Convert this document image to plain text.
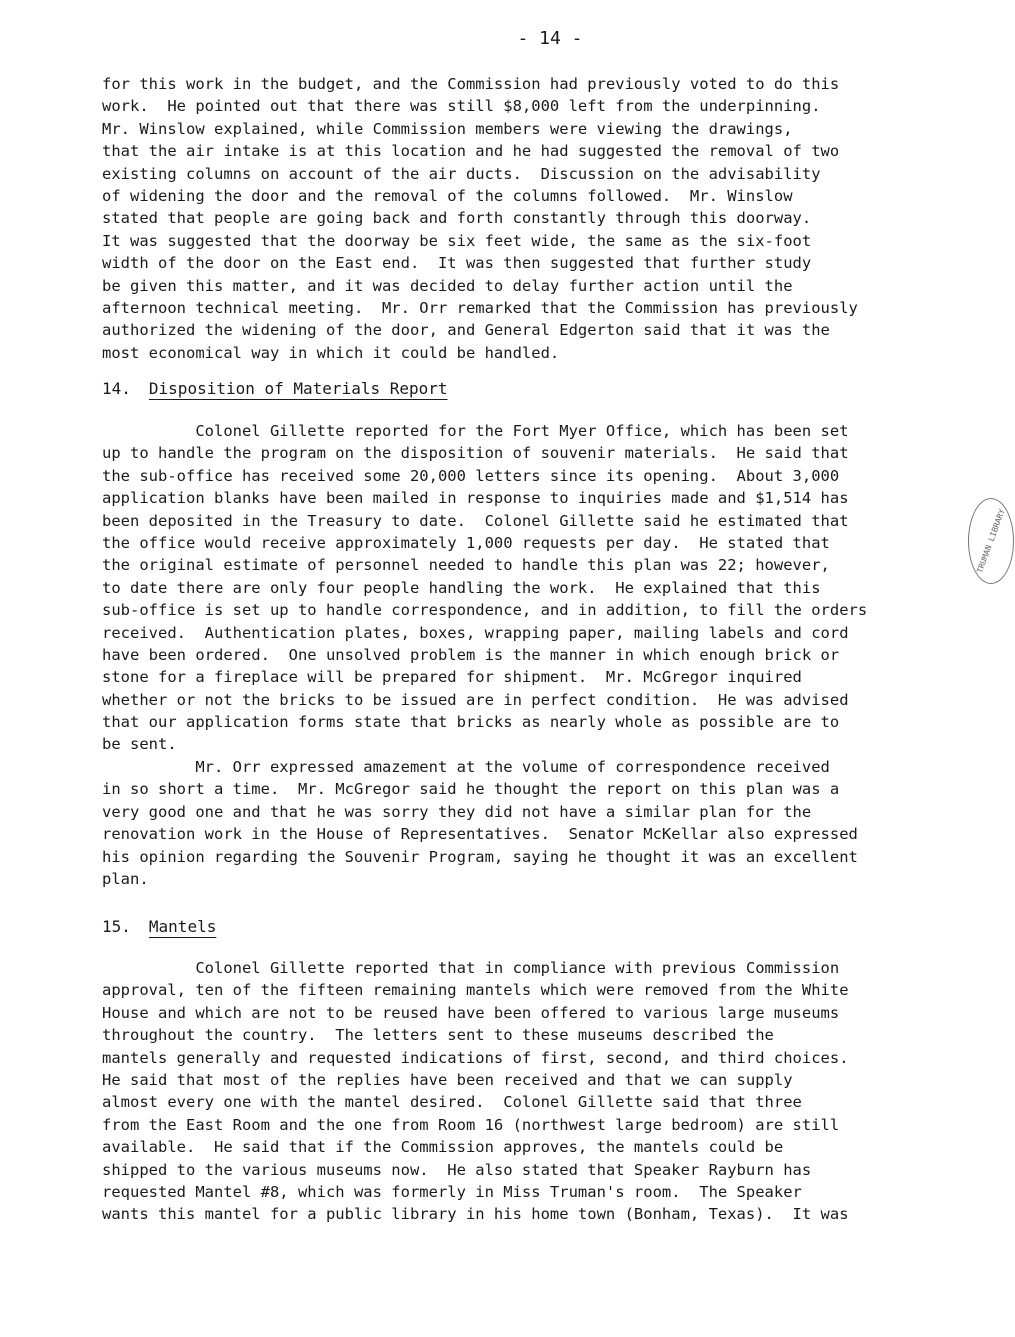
- 14 -
for this work in the budget, and the Commission had previously voted to do this
work.  He pointed out that there was still $8,000 left from the underpinning.
Mr. Winslow explained, while Commission members were viewing the drawings,
that the air intake is at this location and he had suggested the removal of two
existing columns on account of the air ducts.  Discussion on the advisability
of widening the door and the removal of the columns followed.  Mr. Winslow
stated that people are going back and forth constantly through this doorway.
It was suggested that the doorway be six feet wide, the same as the six-foot
width of the door on the East end.  It was then suggested that further study
be given this matter, and it was decided to delay further action until the
afternoon technical meeting.  Mr. Orr remarked that the Commission has previously
authorized the widening of the door, and General Edgerton said that it was the
most economical way in which it could be handled.
14. Disposition of Materials Report
Colonel Gillette reported for the Fort Myer Office, which has been set
up to handle the program on the disposition of souvenir materials.  He said that
the sub-office has received some 20,000 letters since its opening.  About 3,000
application blanks have been mailed in response to inquiries made and $1,514 has
been deposited in the Treasury to date.  Colonel Gillette said he estimated that
the office would receive approximately 1,000 requests per day.  He stated that
the original estimate of personnel needed to handle this plan was 22; however,
to date there are only four people handling the work.  He explained that this
sub-office is set up to handle correspondence, and in addition, to fill the orders
received.  Authentication plates, boxes, wrapping paper, mailing labels and cord
have been ordered.  One unsolved problem is the manner in which enough brick or
stone for a fireplace will be prepared for shipment.  Mr. McGregor inquired
whether or not the bricks to be issued are in perfect condition.  He was advised
that our application forms state that bricks as nearly whole as possible are to
be sent.
Mr. Orr expressed amazement at the volume of correspondence received
in so short a time.  Mr. McGregor said he thought the report on this plan was a
very good one and that he was sorry they did not have a similar plan for the
renovation work in the House of Representatives.  Senator McKellar also expressed
his opinion regarding the Souvenir Program, saying he thought it was an excellent
plan.
15. Mantels
Colonel Gillette reported that in compliance with previous Commission
approval, ten of the fifteen remaining mantels which were removed from the White
House and which are not to be reused have been offered to various large museums
throughout the country.  The letters sent to these museums described the
mantels generally and requested indications of first, second, and third choices.
He said that most of the replies have been received and that we can supply
almost every one with the mantel desired.  Colonel Gillette said that three
from the East Room and the one from Room 16 (northwest large bedroom) are still
available.  He said that if the Commission approves, the mantels could be
shipped to the various museums now.  He also stated that Speaker Rayburn has
requested Mantel #8, which was formerly in Miss Truman's room.  The Speaker
wants this mantel for a public library in his home town (Bonham, Texas).  It was
TRUMAN LIBRARY
